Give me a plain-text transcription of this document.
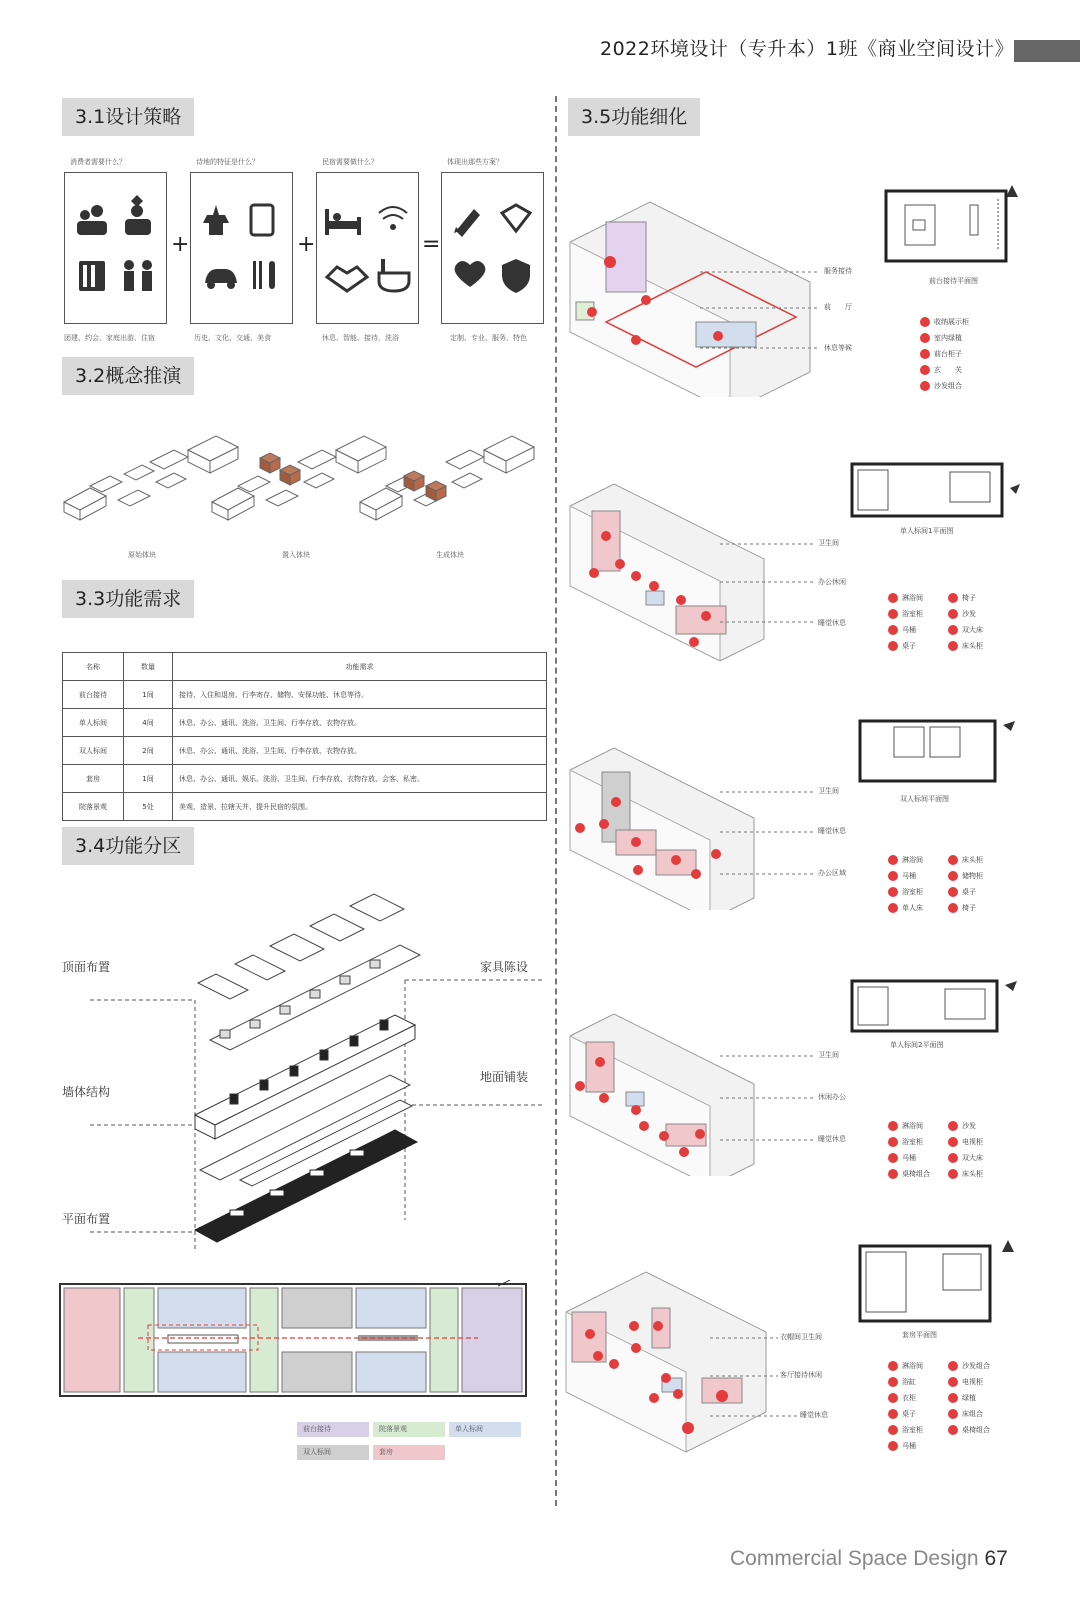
2022环境设计（专升本）1班《商业空间设计》
3.1设计策略
消费者需要什么？	诗地的特征是什么？	民宿需要做什么？	体现出那些方案？
+	+	=
团建、约会、家庭出游、住宿	历史、文化、交通、美食	休息、智能、接待、洗浴	定制、专业、服务、特色
3.2概念推演
原始体块	置入体块	生成体块
3.3功能需求
名称	数量	功能需求
前台接待	1间	接待、入住和退房、行李寄存、储物、安保功能、休息等待。
单人标间	4间	休息、办公、通讯、洗浴、卫生间、行李存放、衣物存放。
双人标间	2间	休息、办公、通讯、洗浴、卫生间、行李存放、衣物存放。
套房	1间	休息、办公、通讯、娱乐、洗浴、卫生间、行李存放、衣物存放、会客、私密。
院落景观	5处	美观、造景、拉辖天井、提升民宿的氛围。
3.4功能分区
顶面布置	家具陈设
墙体结构
地面铺装
平面布置
前台接待	院落景观	单人标间
双人标间	套房
3.5功能细化
前台接待平面图
服务接待
前　　厅
休息等候
收纳展示柜
室内绿植
前台柜子
玄　　关
沙发组合
单人标间1平面图
卫生间
办公休闲
睡觉休息
淋浴间
浴室柜
马桶
桌子
椅子
沙发
双大床
床头柜
双人标间平面图
卫生间
睡觉休息
办公区域
淋浴间
马桶
浴室柜
单人床
床头柜
储物柜
桌子
椅子
单人标间2平面图
卫生间
休闲办公
睡觉休息
淋浴间
浴室柜
马桶
桌椅组合
沙发
电视柜
双大床
床头柜
套房平面图
衣帽间卫生间
客厅接待休闲
睡觉休息
淋浴间
浴缸
衣柜
桌子
浴室柜
马桶
沙发组合
电视柜
绿植
床组合
桌椅组合
Commercial Space Design 67
